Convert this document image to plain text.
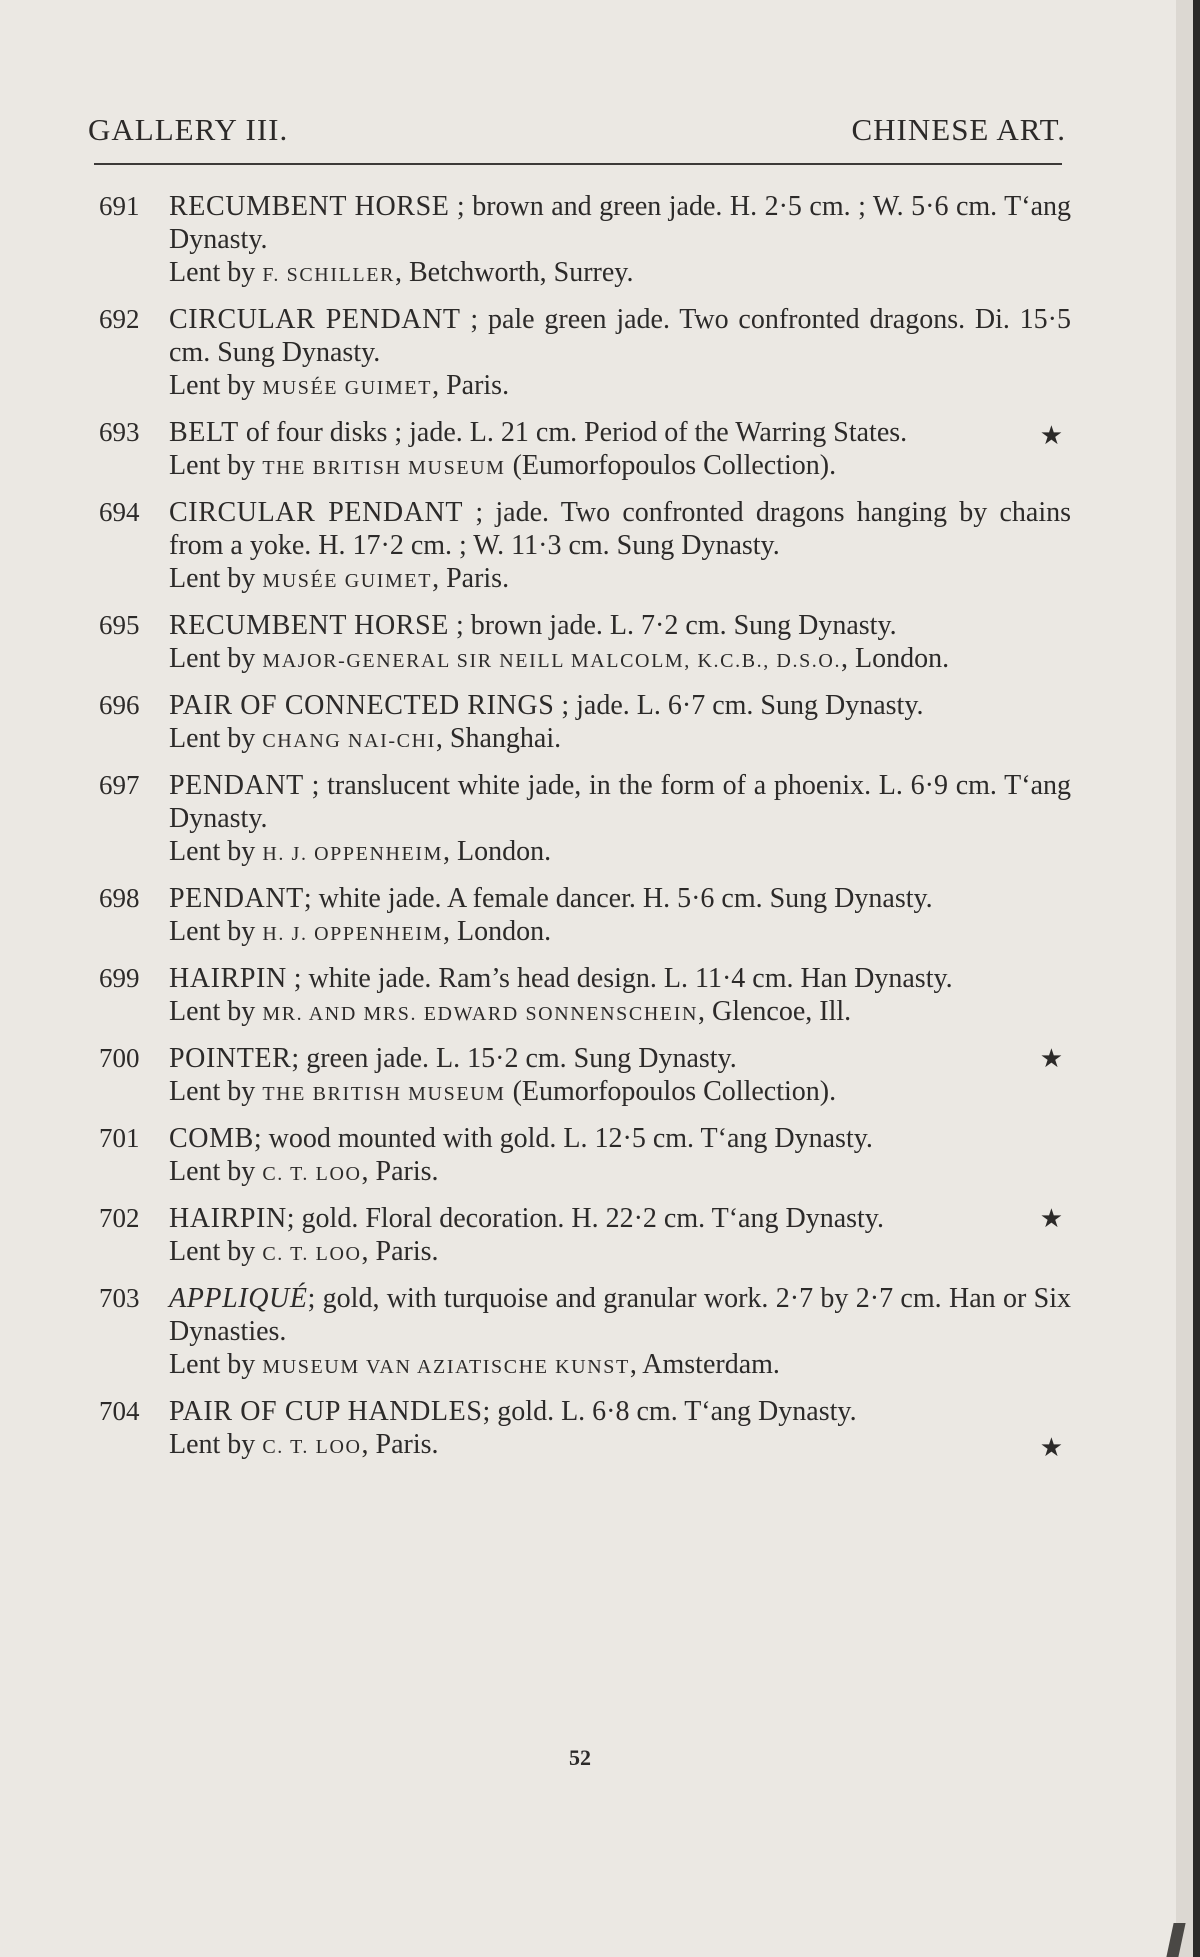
GALLERY III.	CHINESE ART.
691	RECUMBENT HORSE ; brown and green jade. H. 2·5 cm. ; W. 5·6 cm. T‘ang Dynasty.
Lent by F. SCHILLER, Betchworth, Surrey.
692	CIRCULAR PENDANT ; pale green jade. Two confronted dragons. Di. 15·5 cm. Sung Dynasty.
Lent by MUSÉE GUIMET, Paris.
693	BELT of four disks ; jade. L. 21 cm. Period of the Warring States.
Lent by THE BRITISH MUSEUM (Eumorfopoulos Collection).
★
694	CIRCULAR PENDANT ; jade. Two confronted dragons hanging by chains from a yoke. H. 17·2 cm. ; W. 11·3 cm. Sung Dynasty.
Lent by MUSÉE GUIMET, Paris.
695	RECUMBENT HORSE ; brown jade. L. 7·2 cm. Sung Dynasty.
Lent by MAJOR-GENERAL SIR NEILL MALCOLM, K.C.B., D.S.O., London.
696	PAIR OF CONNECTED RINGS ; jade. L. 6·7 cm. Sung Dynasty.
Lent by CHANG NAI-CHI, Shanghai.
697	PENDANT ; translucent white jade, in the form of a phoenix. L. 6·9 cm. T‘ang Dynasty.
Lent by H. J. OPPENHEIM, London.
698	PENDANT; white jade. A female dancer. H. 5·6 cm. Sung Dynasty.
Lent by H. J. OPPENHEIM, London.
699	HAIRPIN ; white jade. Ram’s head design. L. 11·4 cm. Han Dynasty.
Lent by MR. AND MRS. EDWARD SONNENSCHEIN, Glencoe, Ill.
700	POINTER; green jade. L. 15·2 cm. Sung Dynasty.	★
Lent by THE BRITISH MUSEUM (Eumorfopoulos Collection).
701	COMB; wood mounted with gold. L. 12·5 cm. T‘ang Dynasty.
Lent by C. T. LOO, Paris.
702	HAIRPIN; gold. Floral decoration. H. 22·2 cm. T‘ang Dynasty.	★
Lent by C. T. LOO, Paris.
703	APPLIQUÉ; gold, with turquoise and granular work. 2·7 by 2·7 cm. Han or Six Dynasties.
Lent by MUSEUM VAN AZIATISCHE KUNST, Amsterdam.
704	PAIR OF CUP HANDLES; gold. L. 6·8 cm. T‘ang Dynasty.
Lent by C. T. LOO, Paris.	★
52
